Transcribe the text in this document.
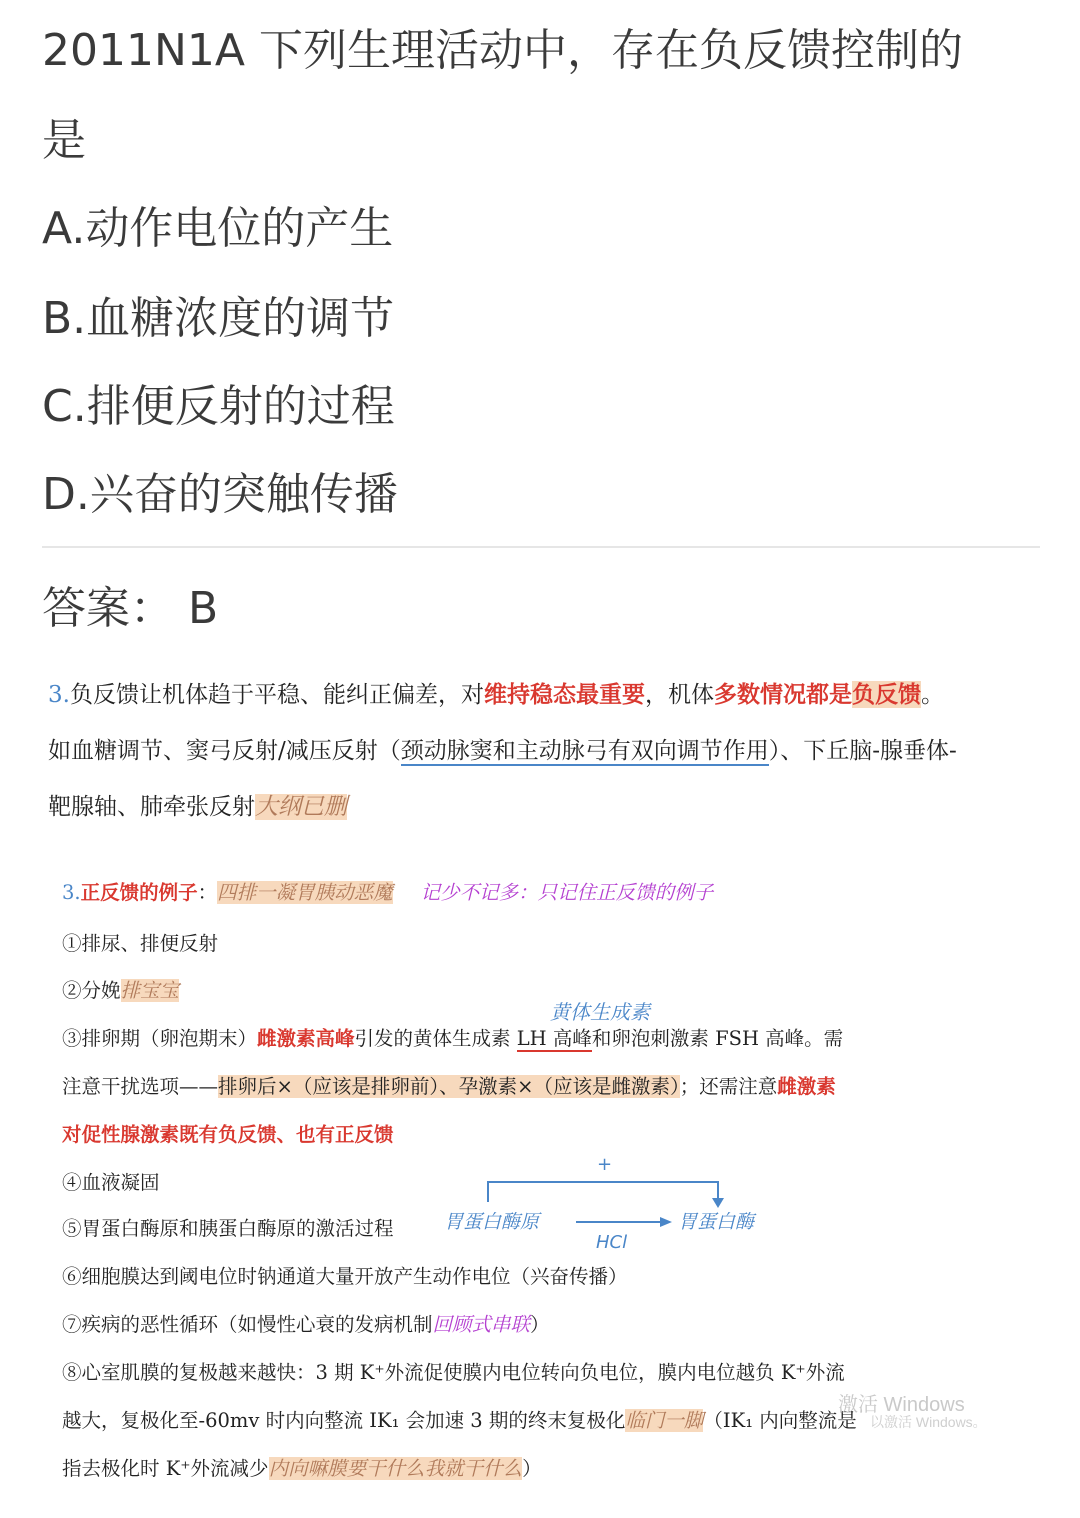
2011N1A 下列生理活动中，存在负反馈控制的
是
A.动作电位的产生
B.血糖浓度的调节
C.排便反射的过程
D.兴奋的突触传播
答案： B
3.负反馈让机体趋于平稳、能纠正偏差，对维持稳态最重要，机体多数情况都是负反馈。
如血糖调节、窦弓反射/减压反射（颈动脉窦和主动脉弓有双向调节作用）、下丘脑-腺垂体-
靶腺轴、肺牵张反射大纲已删
3.正反馈的例子：四排一凝胃胰动恶魔 记少不记多：只记住正反馈的例子
①排尿、排便反射
②分娩排宝宝
黄体生成素
③排卵期（卵泡期末）雌激素高峰引发的黄体生成素 LH 高峰和卵泡刺激素 FSH 高峰。需
注意干扰选项——排卵后×（应该是排卵前）、孕激素×（应该是雌激素）；还需注意雌激素
对促性腺激素既有负反馈、也有正反馈
④血液凝固
⑤胃蛋白酶原和胰蛋白酶原的激活过程
+
胃蛋白酶原	胃蛋白酶
HCl
⑥细胞膜达到阈电位时钠通道大量开放产生动作电位（兴奋传播）
⑦疾病的恶性循环（如慢性心衰的发病机制回顾式串联）
⑧心室肌膜的复极越来越快：3 期 K⁺外流促使膜内电位转向负电位，膜内电位越负 K⁺外流
越大，复极化至-60mv 时内向整流 IK₁ 会加速 3 期的终末复极化临门一脚（IK₁ 内向整流是
指去极化时 K⁺外流减少内向嘛膜要干什么我就干什么）
激活 Windows
以激活 Windows。
